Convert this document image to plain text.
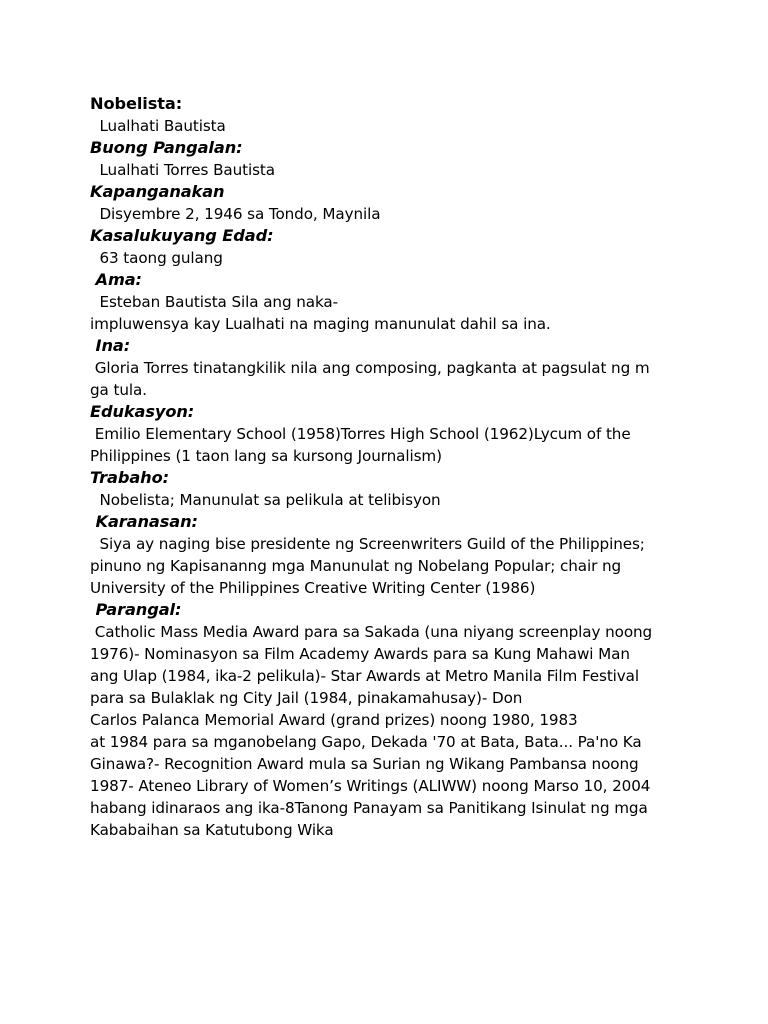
Nobelista:
Lualhati Bautista
Buong Pangalan:
Lualhati Torres Bautista
Kapanganakan
Disyembre 2, 1946 sa Tondo, Maynila
Kasalukuyang Edad:
63 taong gulang
Ama:
Esteban Bautista Sila ang naka-
impluwensya kay Lualhati na maging manunulat dahil sa ina.
Ina:
Gloria Torres tinatangkilik nila ang composing, pagkanta at pagsulat ng m
ga tula.
Edukasyon:
Emilio Elementary School (1958)Torres High School (1962)Lycum of the
Philippines (1 taon lang sa kursong Journalism)
Trabaho:
Nobelista; Manunulat sa pelikula at telibisyon
Karanasan:
Siya ay naging bise presidente ng Screenwriters Guild of the Philippines;
pinuno ng Kapisananng mga Manunulat ng Nobelang Popular; chair ng
University of the Philippines Creative Writing Center (1986)
Parangal:
Catholic Mass Media Award para sa Sakada (una niyang screenplay noong
1976)- Nominasyon sa Film Academy Awards para sa Kung Mahawi Man
ang Ulap (1984, ika-2 pelikula)- Star Awards at Metro Manila Film Festival
para sa Bulaklak ng City Jail (1984, pinakamahusay)- Don
Carlos Palanca Memorial Award (grand prizes) noong 1980, 1983
at 1984 para sa mganobelang Gapo, Dekada '70 at Bata, Bata... Pa'no Ka
Ginawa?- Recognition Award mula sa Surian ng Wikang Pambansa noong
1987- Ateneo Library of Women’s Writings (ALIWW) noong Marso 10, 2004
habang idinaraos ang ika-8Tanong Panayam sa Panitikang Isinulat ng mga
Kababaihan sa Katutubong Wika
